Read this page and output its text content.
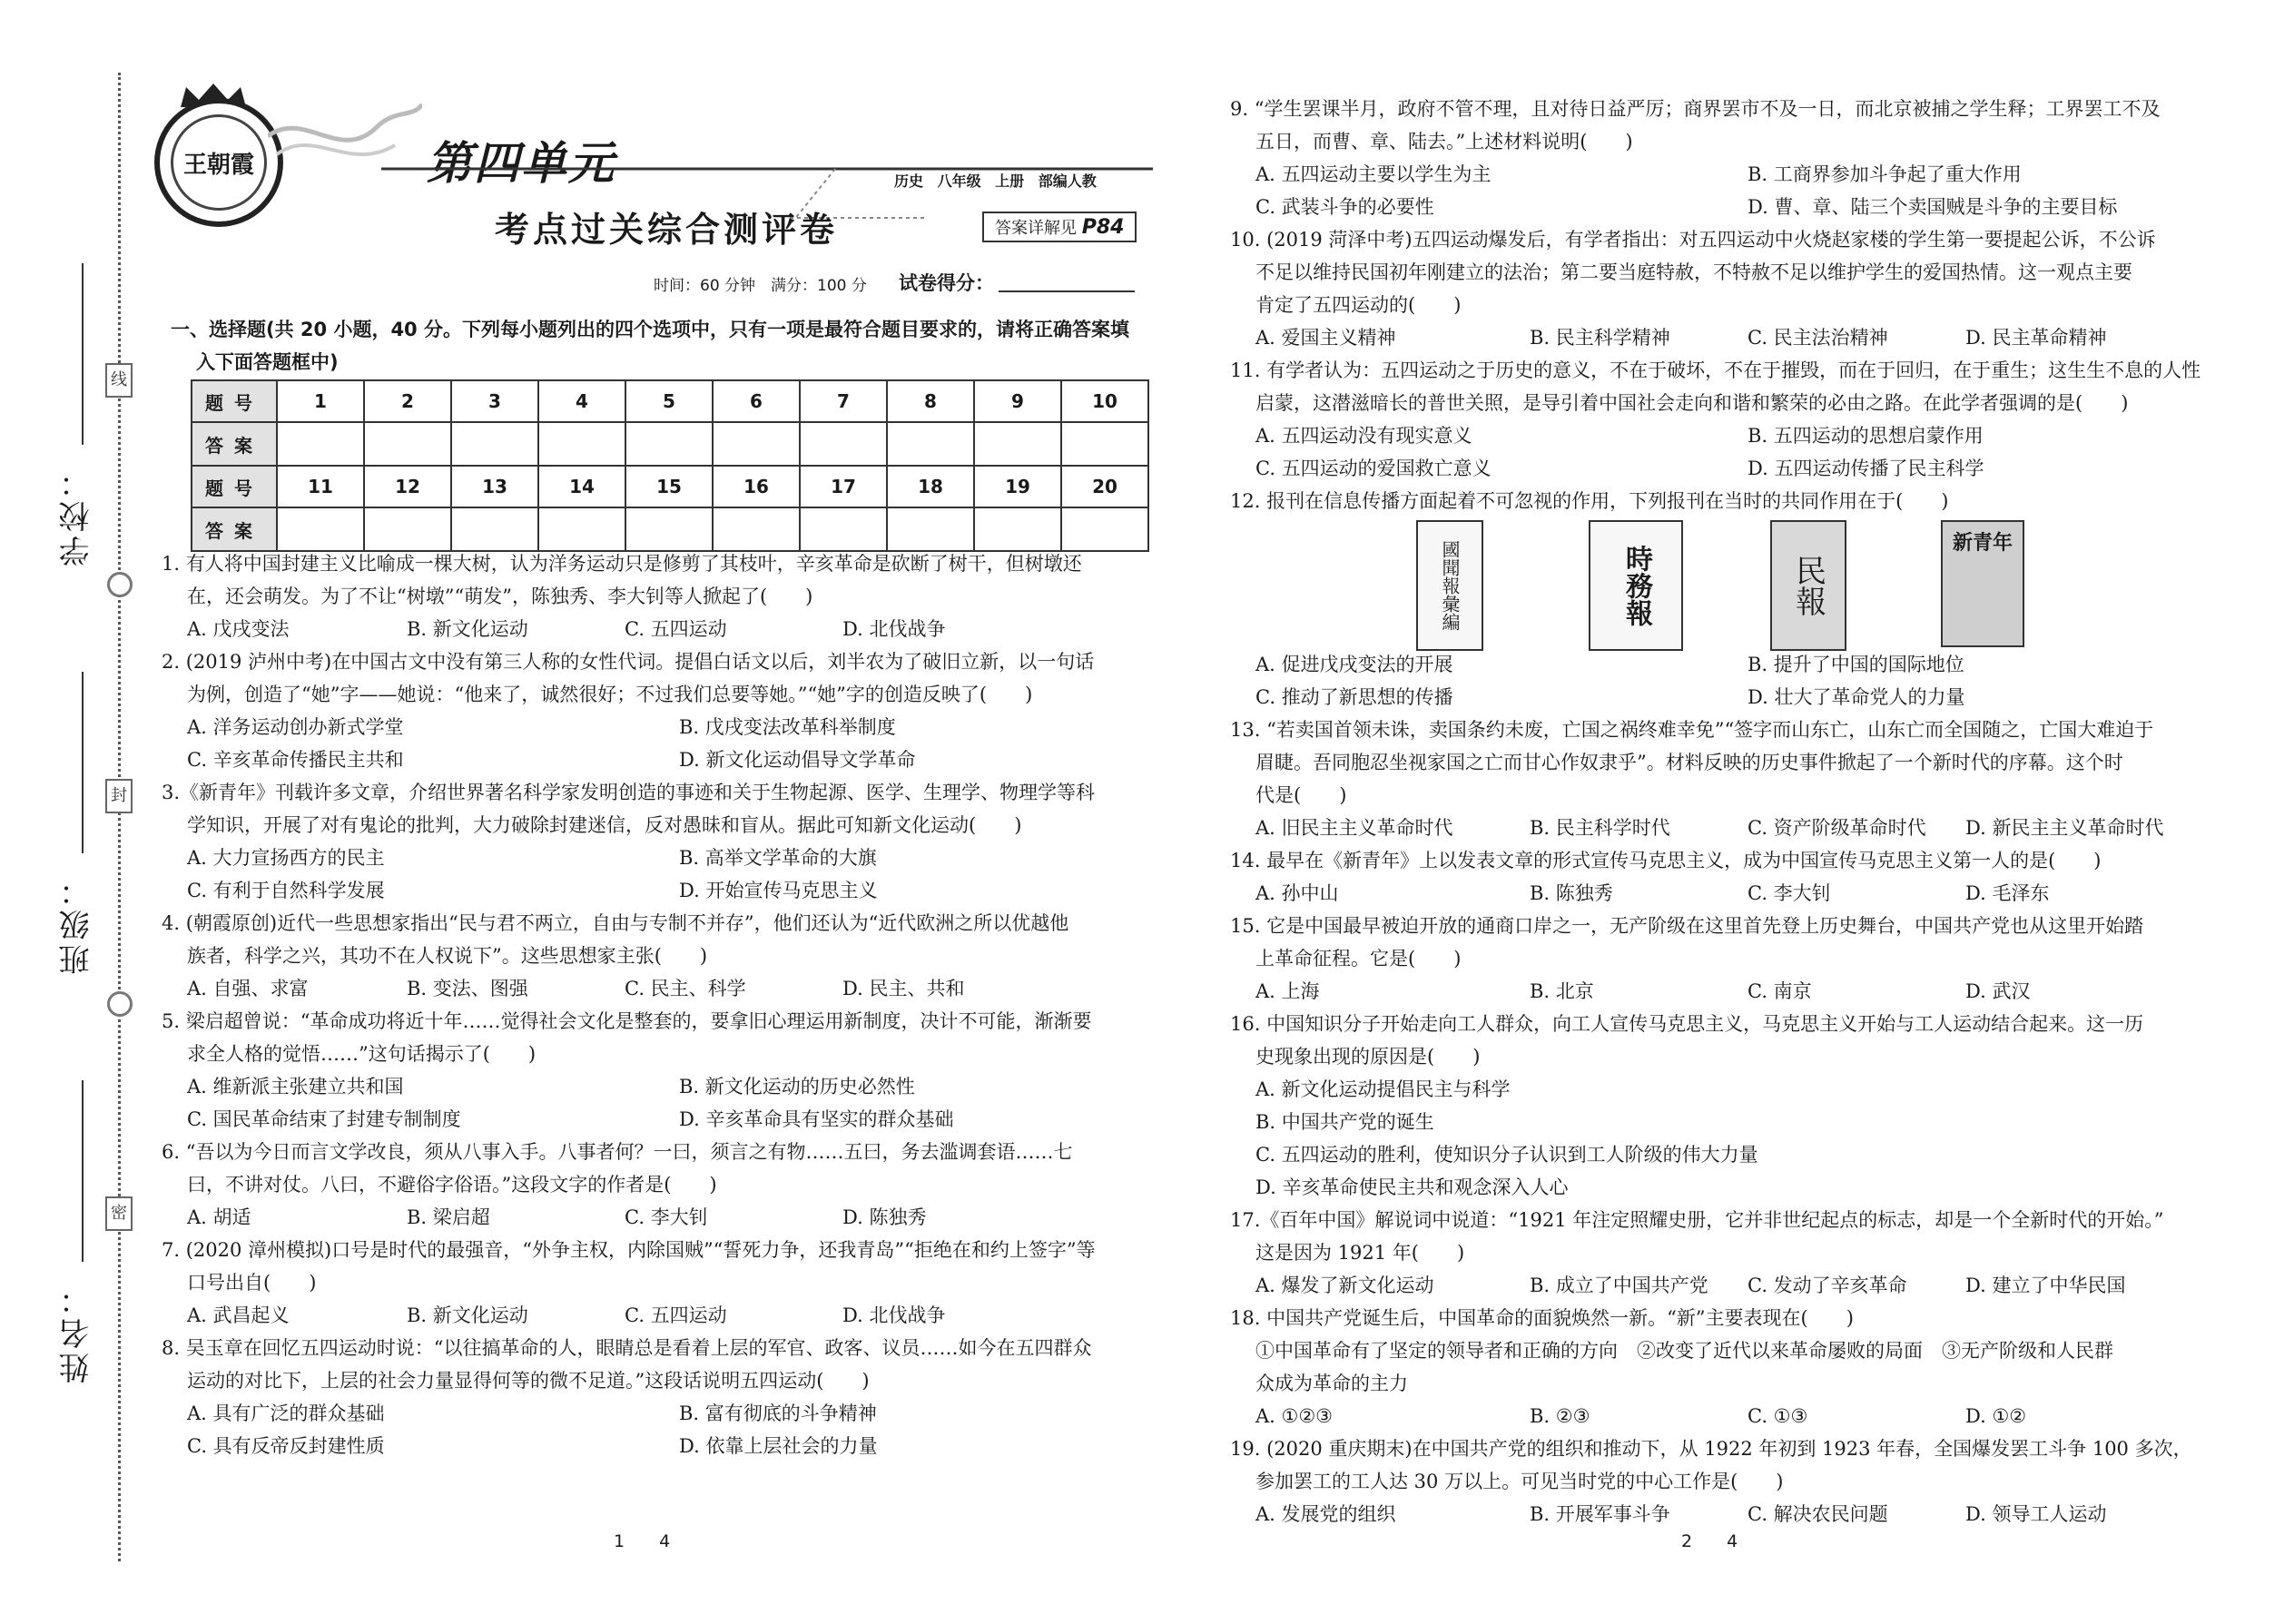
线
封
密
学校：
班级：
姓名：
王朝霞	第四单元	历史 八年级 上册 部编人教
考点过关综合测评卷	答案详解见 P84
时间：60 分钟　满分：100 分 试卷得分：
一、选择题(共 20 小题，40 分。下列每小题列出的四个选项中，只有一项是最符合题目要求的，请将正确答案填
入下面答题框中)
题号	1	2	3	4	5	6	7	8	9	10
答案										
题号	11	12	13	14	15	16	17	18	19	20
答案										
1. 有人将中国封建主义比喻成一棵大树，认为洋务运动只是修剪了其枝叶，辛亥革命是砍断了树干，但树墩还
在，还会萌发。为了不让“树墩”“萌发”，陈独秀、李大钊等人掀起了(　　)
A. 戊戌变法	B. 新文化运动	C. 五四运动	D. 北伐战争
2. (2019 泸州中考)在中国古文中没有第三人称的女性代词。提倡白话文以后，刘半农为了破旧立新，以一句话
为例，创造了“她”字——她说：“他来了，诚然很好；不过我们总要等她。”“她”字的创造反映了(　　)
A. 洋务运动创办新式学堂	B. 戊戌变法改革科举制度
C. 辛亥革命传播民主共和	D. 新文化运动倡导文学革命
3.《新青年》刊载许多文章，介绍世界著名科学家发明创造的事迹和关于生物起源、医学、生理学、物理学等科
学知识，开展了对有鬼论的批判，大力破除封建迷信，反对愚昧和盲从。据此可知新文化运动(　　)
A. 大力宣扬西方的民主	B. 高举文学革命的大旗
C. 有利于自然科学发展	D. 开始宣传马克思主义
4. (朝霞原创)近代一些思想家指出“民与君不两立，自由与专制不并存”，他们还认为“近代欧洲之所以优越他
族者，科学之兴，其功不在人权说下”。这些思想家主张(　　)
A. 自强、求富	B. 变法、图强	C. 民主、科学	D. 民主、共和
5. 梁启超曾说：“革命成功将近十年……觉得社会文化是整套的，要拿旧心理运用新制度，决计不可能，渐渐要
求全人格的觉悟……”这句话揭示了(　　)
A. 维新派主张建立共和国	B. 新文化运动的历史必然性
C. 国民革命结束了封建专制制度	D. 辛亥革命具有坚实的群众基础
6. “吾以为今日而言文学改良，须从八事入手。八事者何？一曰，须言之有物……五曰，务去滥调套语……七
曰，不讲对仗。八曰，不避俗字俗语。”这段文字的作者是(　　)
A. 胡适	B. 梁启超	C. 李大钊	D. 陈独秀
7. (2020 漳州模拟)口号是时代的最强音，“外争主权，内除国贼”“誓死力争，还我青岛”“拒绝在和约上签字”等
口号出自(　　)
A. 武昌起义	B. 新文化运动	C. 五四运动	D. 北伐战争
8. 吴玉章在回忆五四运动时说：“以往搞革命的人，眼睛总是看着上层的军官、政客、议员……如今在五四群众
运动的对比下，上层的社会力量显得何等的微不足道。”这段话说明五四运动(　　)
A. 具有广泛的群众基础	B. 富有彻底的斗争精神
C. 具有反帝反封建性质	D. 依靠上层社会的力量
1　　4
9. “学生罢课半月，政府不管不理，且对待日益严厉；商界罢市不及一日，而北京被捕之学生释；工界罢工不及
五日，而曹、章、陆去。”上述材料说明(　　)
A. 五四运动主要以学生为主	B. 工商界参加斗争起了重大作用
C. 武装斗争的必要性	D. 曹、章、陆三个卖国贼是斗争的主要目标
10. (2019 菏泽中考)五四运动爆发后，有学者指出：对五四运动中火烧赵家楼的学生第一要提起公诉，不公诉
不足以维持民国初年刚建立的法治；第二要当庭特赦，不特赦不足以维护学生的爱国热情。这一观点主要
肯定了五四运动的(　　)
A. 爱国主义精神	B. 民主科学精神	C. 民主法治精神	D. 民主革命精神
11. 有学者认为：五四运动之于历史的意义，不在于破坏，不在于摧毁，而在于回归，在于重生；这生生不息的人性
启蒙，这潜滋暗长的普世关照，是导引着中国社会走向和谐和繁荣的必由之路。在此学者强调的是(　　)
A. 五四运动没有现实意义	B. 五四运动的思想启蒙作用
C. 五四运动的爱国救亡意义	D. 五四运动传播了民主科学
12. 报刊在信息传播方面起着不可忽视的作用，下列报刊在当时的共同作用在于(　　)
A. 促进戊戌变法的开展	B. 提升了中国的国际地位
C. 推动了新思想的传播	D. 壮大了革命党人的力量
13. “若卖国首领未诛，卖国条约未废，亡国之祸终难幸免”“签字而山东亡，山东亡而全国随之，亡国大难迫于
眉睫。吾同胞忍坐视家国之亡而甘心作奴隶乎”。材料反映的历史事件掀起了一个新时代的序幕。这个时
代是(　　)
A. 旧民主主义革命时代	B. 民主科学时代	C. 资产阶级革命时代 D. 新民主主义革命时代
14. 最早在《新青年》上以发表文章的形式宣传马克思主义，成为中国宣传马克思主义第一人的是(　　)
A. 孙中山	B. 陈独秀	C. 李大钊	D. 毛泽东
15. 它是中国最早被迫开放的通商口岸之一，无产阶级在这里首先登上历史舞台，中国共产党也从这里开始踏
上革命征程。它是(　　)
A. 上海	B. 北京	C. 南京	D. 武汉
16. 中国知识分子开始走向工人群众，向工人宣传马克思主义，马克思主义开始与工人运动结合起来。这一历
史现象出现的原因是(　　)
A. 新文化运动提倡民主与科学
B. 中国共产党的诞生
C. 五四运动的胜利，使知识分子认识到工人阶级的伟大力量
D. 辛亥革命使民主共和观念深入人心
17.《百年中国》解说词中说道：“1921 年注定照耀史册，它并非世纪起点的标志，却是一个全新时代的开始。”
这是因为 1921 年(　　)
A. 爆发了新文化运动	B. 成立了中国共产党 C. 发动了辛亥革命	D. 建立了中华民国
18. 中国共产党诞生后，中国革命的面貌焕然一新。“新”主要表现在(　　)
①中国革命有了坚定的领导者和正确的方向　②改变了近代以来革命屡败的局面　③无产阶级和人民群
众成为革命的主力
A. ①②③	B. ②③	C. ①③	D. ①②
19. (2020 重庆期末)在中国共产党的组织和推动下，从 1922 年初到 1923 年春，全国爆发罢工斗争 100 多次，
参加罢工的工人达 30 万以上。可见当时党的中心工作是(　　)
A. 发展党的组织	B. 开展军事斗争	C. 解决农民问题	D. 领导工人运动
國聞報彙編	時務報	民報
新青年
2　　4
